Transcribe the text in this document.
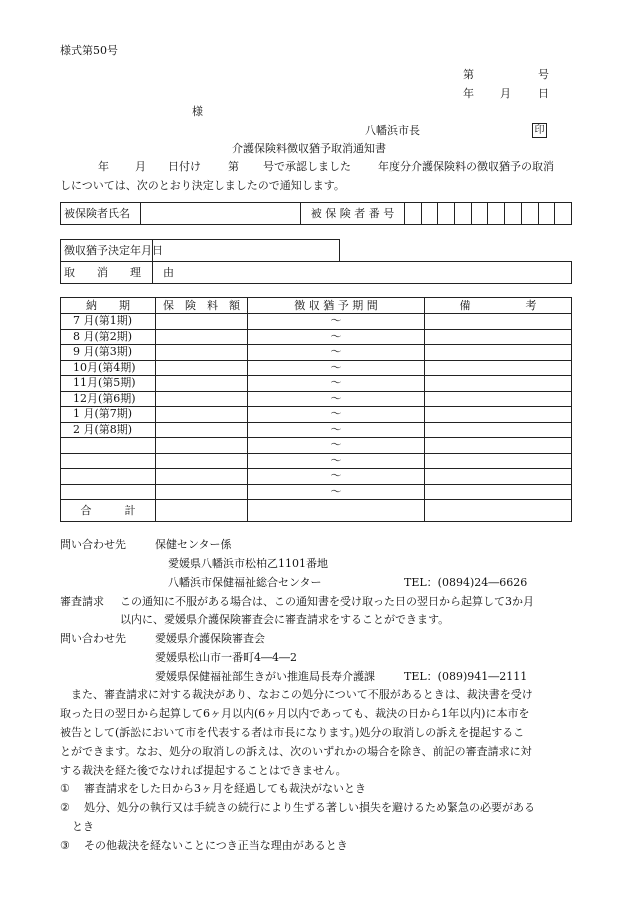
様式第50号
第	号
年 月 日
様
八幡浜市長	印
介護保険料徴収猶予取消通知書
年 月 日付け 第 号で承認しました 年度分介護保険料の徴収猶予の取消
しについては、次のとおり決定しましたので通知します。
被保険者氏名		被 保 険 者 番 号										
徴収猶予決定年月日	
取　　消　　理　　由	
納　　期	保　険　料　額	徴 収 猶 予 期 間	備　　　　　考
7 月(第1期)		〜	
8 月(第2期)		〜	
9 月(第3期)		〜	
10月(第4期)		〜	
11月(第5期)		〜	
12月(第6期)		〜	
1 月(第7期)		〜	
2 月(第8期)		〜	
		〜	
		〜	
		〜	
		〜	
合　　　計			
問い合わせ先	保健センター係
愛媛県八幡浜市松柏乙1101番地
八幡浜市保健福祉総合センター	TEL：(0894)24―6626
審査請求 この通知に不服がある場合は、この通知書を受け取った日の翌日から起算して3か月
以内に、愛媛県介護保険審査会に審査請求をすることができます。
問い合わせ先	愛媛県介護保険審査会
愛媛県松山市一番町4―4―2
愛媛県保健福祉部生きがい推進局長寿介護課	TEL：(089)941―2111
また、審査請求に対する裁決があり、なおこの処分について不服があるときは、裁決書を受け
取った日の翌日から起算して6ヶ月以内(6ヶ月以内であっても、裁決の日から1年以内)に本市を
被告として(訴訟において市を代表する者は市長になります。)処分の取消しの訴えを提起するこ
とができます。なお、処分の取消しの訴えは、次のいずれかの場合を除き、前記の審査請求に対
する裁決を経た後でなければ提起することはできません。
① 審査請求をした日から3ヶ月を経過しても裁決がないとき
② 処分、処分の執行又は手続きの続行により生ずる著しい損失を避けるため緊急の必要がある
とき
③ その他裁決を経ないことにつき正当な理由があるとき
